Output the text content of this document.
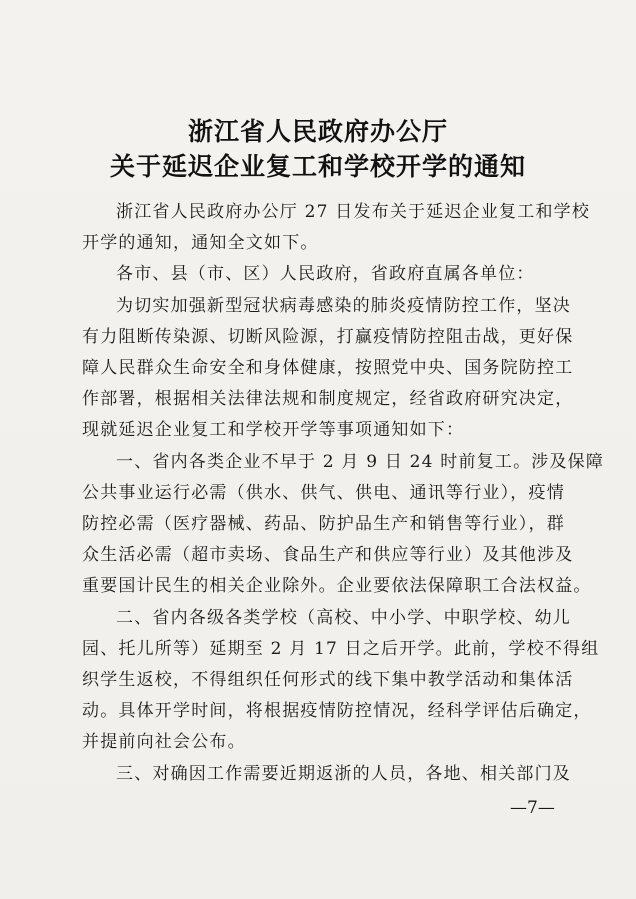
浙江省人民政府办公厅
关于延迟企业复工和学校开学的通知
浙江省人民政府办公厅 27 日发布关于延迟企业复工和学校
开学的通知，通知全文如下。
各市、县（市、区）人民政府，省政府直属各单位：
为切实加强新型冠状病毒感染的肺炎疫情防控工作，坚决
有力阻断传染源、切断风险源，打赢疫情防控阻击战，更好保
障人民群众生命安全和身体健康，按照党中央、国务院防控工
作部署，根据相关法律法规和制度规定，经省政府研究决定，
现就延迟企业复工和学校开学等事项通知如下：
一、省内各类企业不早于 2 月 9 日 24 时前复工。涉及保障
公共事业运行必需（供水、供气、供电、通讯等行业），疫情
防控必需（医疗器械、药品、防护品生产和销售等行业），群
众生活必需（超市卖场、食品生产和供应等行业）及其他涉及
重要国计民生的相关企业除外。企业要依法保障职工合法权益。
二、省内各级各类学校（高校、中小学、中职学校、幼儿
园、托儿所等）延期至 2 月 17 日之后开学。此前，学校不得组
织学生返校，不得组织任何形式的线下集中教学活动和集体活
动。具体开学时间，将根据疫情防控情况，经科学评估后确定，
并提前向社会公布。
三、对确因工作需要近期返浙的人员，各地、相关部门及
—7—
